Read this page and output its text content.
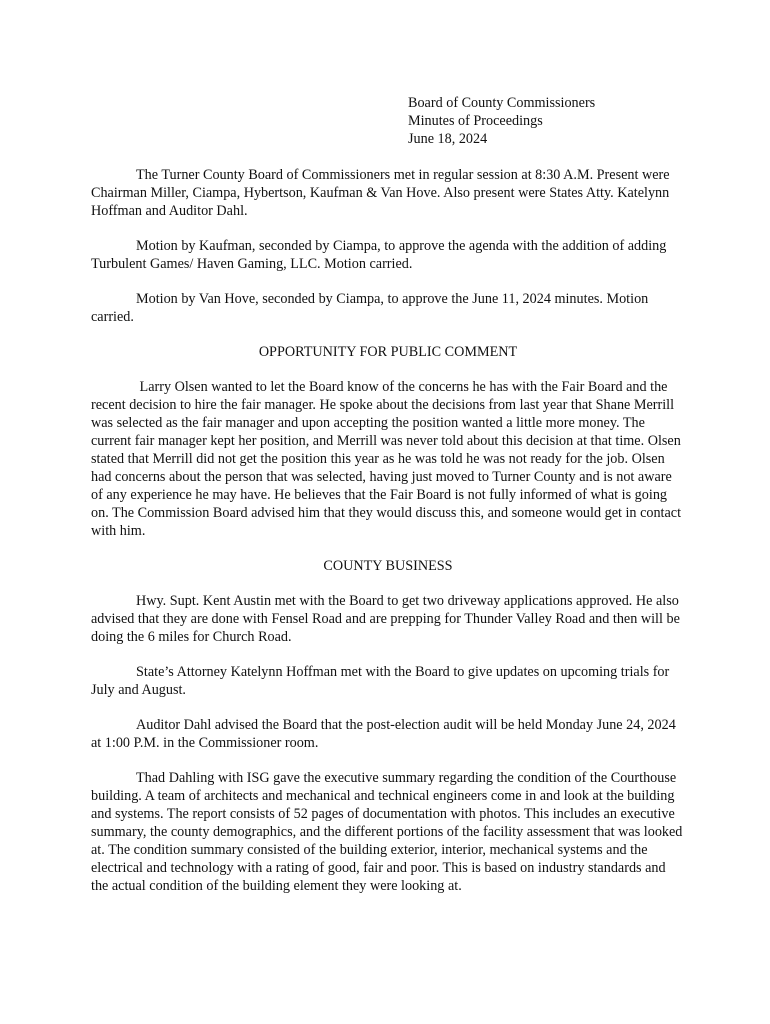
Board of County Commissioners
Minutes of Proceedings
June 18, 2024

The Turner County Board of Commissioners met in regular session at 8:30 A.M. Present were Chairman Miller, Ciampa, Hybertson, Kaufman & Van Hove. Also present were States Atty. Katelynn Hoffman and Auditor Dahl.

Motion by Kaufman, seconded by Ciampa, to approve the agenda with the addition of adding Turbulent Games/ Haven Gaming, LLC. Motion carried.

Motion by Van Hove, seconded by Ciampa, to approve the June 11, 2024 minutes. Motion carried.

OPPORTUNITY FOR PUBLIC COMMENT

Larry Olsen wanted to let the Board know of the concerns he has with the Fair Board and the recent decision to hire the fair manager. He spoke about the decisions from last year that Shane Merrill was selected as the fair manager and upon accepting the position wanted a little more money. The current fair manager kept her position, and Merrill was never told about this decision at that time. Olsen stated that Merrill did not get the position this year as he was told he was not ready for the job. Olsen had concerns about the person that was selected, having just moved to Turner County and is not aware of any experience he may have. He believes that the Fair Board is not fully informed of what is going on. The Commission Board advised him that they would discuss this, and someone would get in contact with him.

COUNTY BUSINESS

Hwy. Supt. Kent Austin met with the Board to get two driveway applications approved. He also advised that they are done with Fensel Road and are prepping for Thunder Valley Road and then will be doing the 6 miles for Church Road.

State’s Attorney Katelynn Hoffman met with the Board to give updates on upcoming trials for July and August.

Auditor Dahl advised the Board that the post-election audit will be held Monday June 24, 2024 at 1:00 P.M. in the Commissioner room.

Thad Dahling with ISG gave the executive summary regarding the condition of the Courthouse building. A team of architects and mechanical and technical engineers come in and look at the building and systems. The report consists of 52 pages of documentation with photos. This includes an executive summary, the county demographics, and the different portions of the facility assessment that was looked at. The condition summary consisted of the building exterior, interior, mechanical systems and the electrical and technology with a rating of good, fair and poor. This is based on industry standards and the actual condition of the building element they were looking at.
